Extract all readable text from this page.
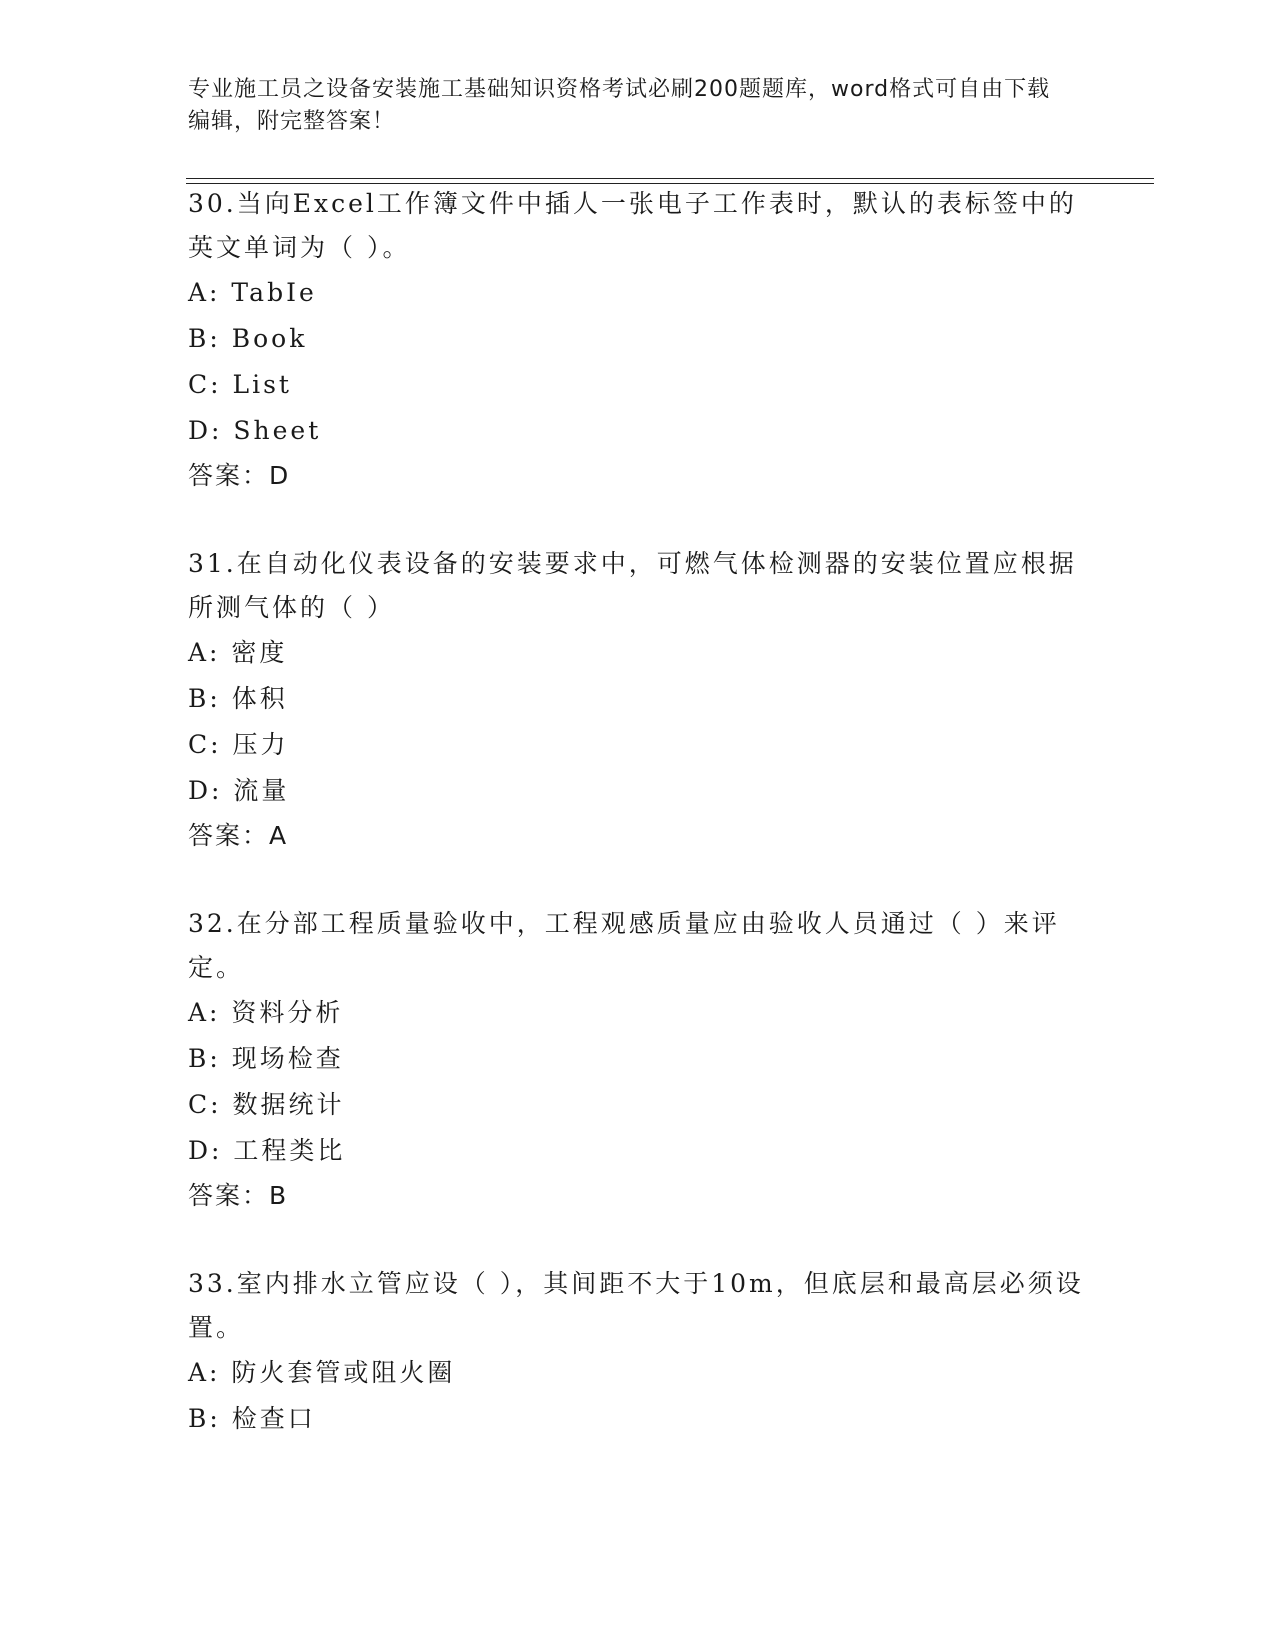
专业施工员之设备安装施工基础知识资格考试必刷200题题库，word格式可自由下载编辑，附完整答案！

30.当向Excel工作簿文件中插人一张电子工作表时，默认的表标签中的英文单词为（ ）。

A: TabIe
B: Book
C: List
D: Sheet
答案：D

31.在自动化仪表设备的安装要求中，可燃气体检测器的安装位置应根据所测气体的（ ）

A: 密度
B: 体积
C: 压力
D: 流量
答案：A

32.在分部工程质量验收中，工程观感质量应由验收人员通过（ ）来评定。

A: 资料分析
B: 现场检查
C: 数据统计
D: 工程类比
答案：B

33.室内排水立管应设（ ），其间距不大于10m，但底层和最高层必须设置。

A: 防火套管或阻火圈
B: 检查口
